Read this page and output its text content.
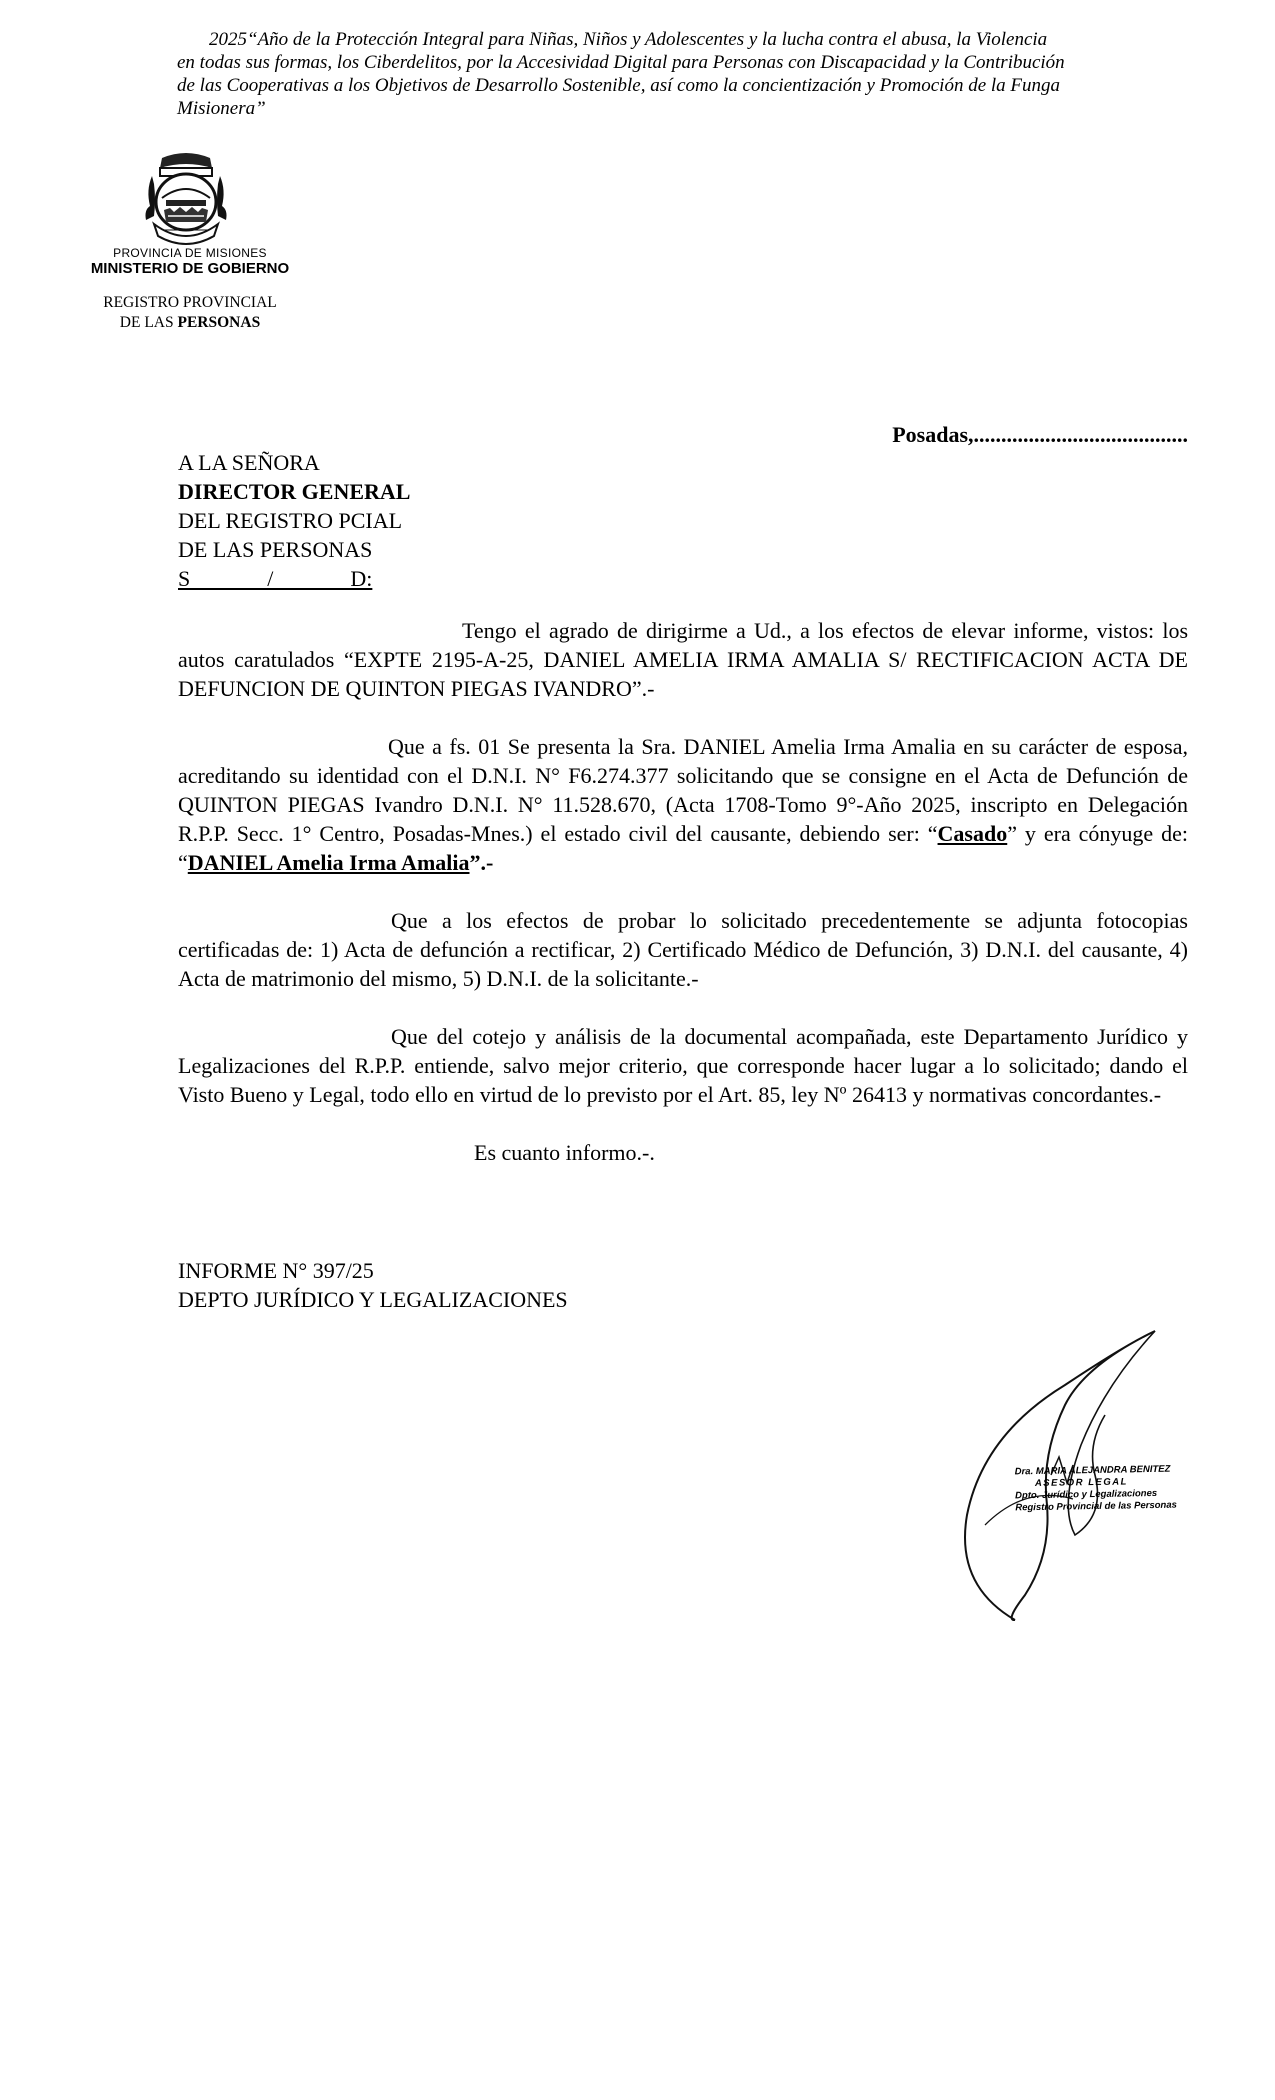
2025“Año de la Protección Integral para Niñas, Niños y Adolescentes y la lucha contra el abusa, la Violencia
en todas sus formas, los Ciberdelitos, por la Accesividad Digital para Personas con Discapacidad y la Contribución
de las Cooperativas a los Objetivos de Desarrollo Sostenible, así como la concientización y Promoción de la Funga
Misionera”
PROVINCIA DE MISIONES
MINISTERIO DE GOBIERNO
REGISTRO PROVINCIAL
DE LAS PERSONAS
Posadas,.......................................
A LA SEÑORA
DIRECTOR GENERAL
DEL REGISTRO PCIAL
DE LAS PERSONAS
S              /              D:

Tengo el agrado de dirigirme a Ud., a los efectos de elevar informe, vistos: los autos caratulados “EXPTE 2195-A-25, DANIEL AMELIA IRMA AMALIA S/ RECTIFICACION ACTA DE DEFUNCION DE QUINTON PIEGAS IVANDRO”.-

Que a fs. 01 Se presenta la Sra. DANIEL Amelia Irma Amalia en su carácter de esposa, acreditando su identidad con el D.N.I. N° F6.274.377 solicitando que se consigne en el Acta de Defunción de QUINTON PIEGAS Ivandro D.N.I. N° 11.528.670, (Acta 1708-Tomo 9°-Año 2025, inscripto en Delegación R.P.P. Secc. 1° Centro, Posadas-Mnes.) el estado civil del causante, debiendo ser: “Casado” y era cónyuge de: “DANIEL Amelia Irma Amalia”.-

Que a los efectos de probar lo solicitado precedentemente se adjunta fotocopias certificadas de: 1) Acta de defunción a rectificar, 2) Certificado Médico de Defunción, 3) D.N.I. del causante, 4) Acta de matrimonio del mismo, 5) D.N.I. de la solicitante.-

Que del cotejo y análisis de la documental acompañada, este Departamento Jurídico y Legalizaciones del R.P.P. entiende, salvo mejor criterio, que corresponde hacer lugar a lo solicitado; dando el Visto Bueno y Legal, todo ello en virtud de lo previsto por el Art. 85, ley Nº 26413 y normativas concordantes.-

Es cuanto informo.-.

INFORME N° 397/25
DEPTO JURÍDICO Y LEGALIZACIONES
Dra. MARIA ALEJANDRA BENITEZ
ASESOR LEGAL
Dpto. Jurídico y Legalizaciones
Registro Provincial de las Personas
